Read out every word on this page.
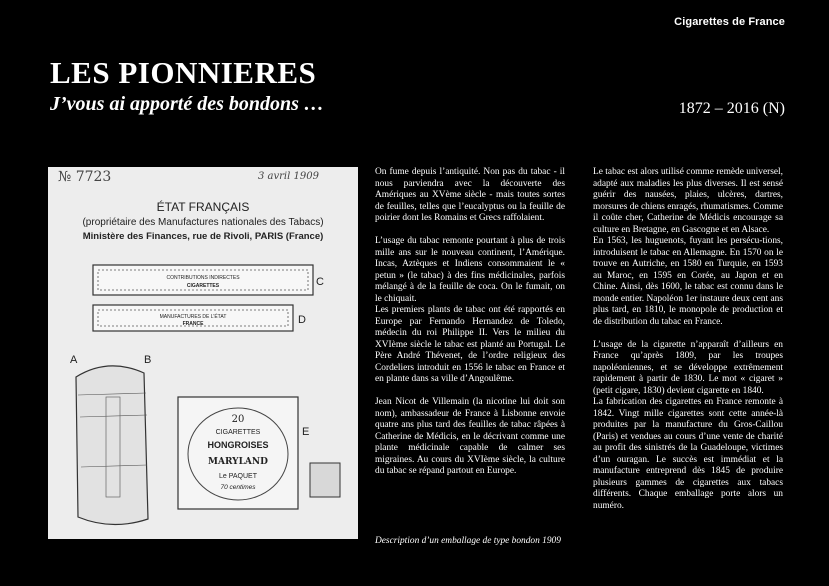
Cigarettes de France
LES PIONNIERES
J’vous ai apporté des bondons …	1872 – 2016 (N)
№ 7723	3 avril 1909
ÉTAT FRANÇAIS
(propriétaire des Manufactures nationales des Tabacs)
Ministère des Finances, rue de Rivoli, PARIS (France)
CONTRIBUTIONS INDIRECTES
CIGARETTES	C
MANUFACTURES DE L’ÉTAT
FRANCE	D
A	B
20
CIGARETTES
HONGROISES
MARYLAND
Le PAQUET
70 centimes
E
Description d’un emballage de type bondon 1909

On fume depuis l’antiquité. Non pas du tabac - il nous parviendra avec la découverte des Amériques au XVème siècle - mais toutes sortes de feuilles, telles que l’eucalyptus ou la feuille de poirier dont les Romains et Grecs raffolaient.

L’usage du tabac remonte pourtant à plus de trois mille ans sur le nouveau continent, l’Amérique. Incas, Aztèques et Indiens consommaient le « petun » (le tabac) à des fins médicinales, parfois mélangé à de la feuille de coca. On le fumait, on le chiquait.
Les premiers plants de tabac ont été rapportés en Europe par Fernando Hernandez de Toledo, médecin du roi Philippe II. Vers le milieu du XVIème siècle le tabac est planté au Portugal. Le Père André Thévenet, de l’ordre religieux des Cordeliers introduit en 1556 le tabac en France et en plante dans sa ville d’Angoulême.

Jean Nicot de Villemain (la nicotine lui doit son nom), ambassadeur de France à Lisbonne envoie quatre ans plus tard des feuilles de tabac râpées à Catherine de Médicis, en le décrivant comme une plante médicinale capable de calmer ses migraines. Au cours du XVIème siècle, la culture du tabac se répand partout en Europe.

Le tabac est alors utilisé comme remède universel, adapté aux maladies les plus diverses. Il est sensé guérir des nausées, plaies, ulcères, dartres, morsures de chiens enragés, rhumatismes. Comme il coûte cher, Catherine de Médicis encourage sa culture en Bretagne, en Gascogne et en Alsace.
En 1563, les huguenots, fuyant les persécu-tions, introduisent le tabac en Allemagne. En 1570 on le trouve en Autriche, en 1580 en Turquie, en 1593 au Maroc, en 1595 en Corée, au Japon et en Chine. Ainsi, dès 1600, le tabac est connu dans le monde entier. Napoléon 1er instaure deux cent ans plus tard, en 1810, le monopole de production et de distribution du tabac en France.

L’usage de la cigarette n’apparaît d’ailleurs en France qu’après 1809, par les troupes napoléoniennes, et se développe extrêmement rapidement à partir de 1830. Le mot « cigaret » (petit cigare, 1830) devient cigarette en 1840.
La fabrication des cigarettes en France remonte à 1842. Vingt mille cigarettes sont cette année-là produites par la manufacture du Gros-Caillou (Paris) et vendues au cours d’une vente de charité au profit des sinistrés de la Guadeloupe, victimes d’un ouragan. Le succès est immédiat et la manufacture entreprend dès 1845 de produire plusieurs gammes de cigarettes aux tabacs différents. Chaque emballage porte alors un numéro.
